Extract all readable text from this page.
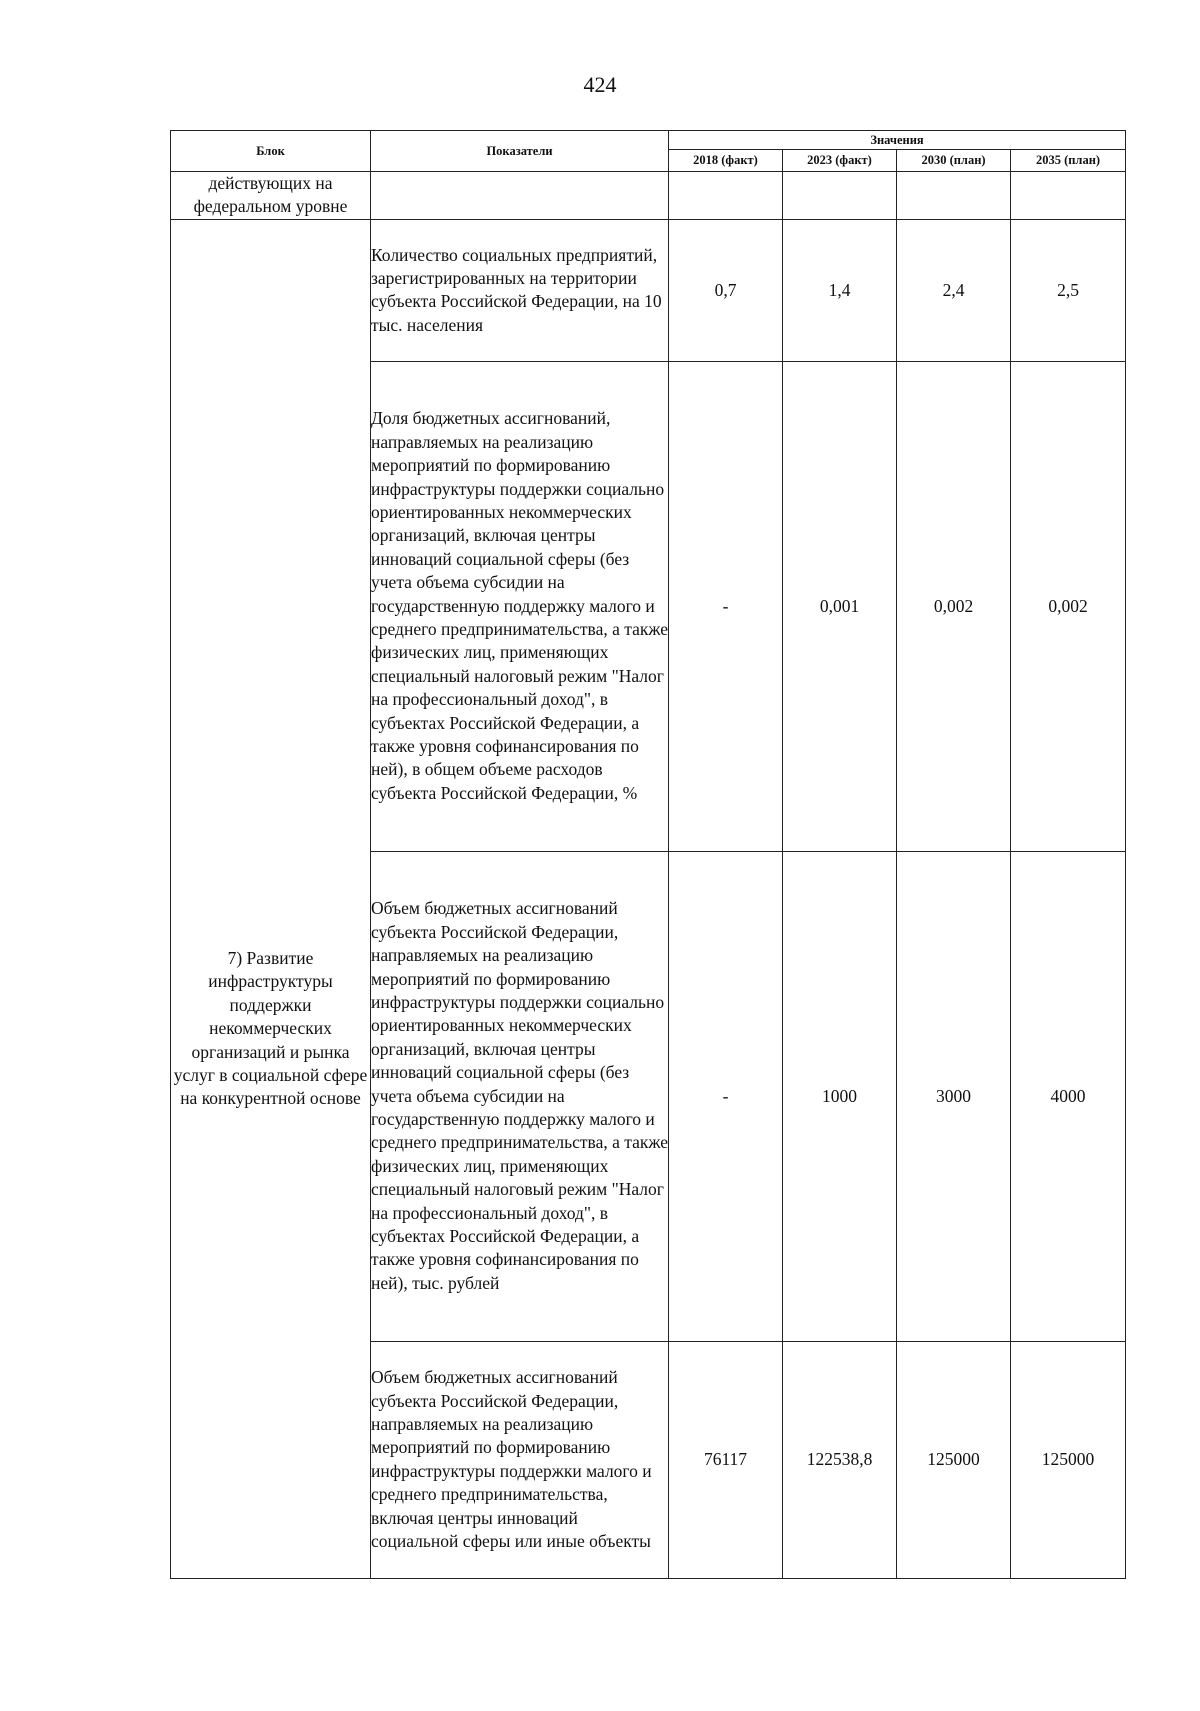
424
Блок	Показатели	Значения			
		2018 (факт)	2023 (факт)	2030 (план)	2035 (план)
действующих на федеральном уровне					
7) Развитие инфраструктуры поддержки некоммерческих организаций и рынка услуг в социальной сфере на конкурентной основе	Количество социальных предприятий, зарегистрированных на территории субъекта Российской Федерации, на 10 тыс. населения	0,7	1,4	2,4	2,5
	Доля бюджетных ассигнований, направляемых на реализацию мероприятий по формированию инфраструктуры поддержки социально ориентированных некоммерческих организаций, включая центры инноваций социальной сферы (без учета объема субсидии на государственную поддержку малого и среднего предпринимательства, а также физических лиц, применяющих специальный налоговый режим "Налог на профессиональный доход", в субъектах Российской Федерации, а также уровня софинансирования по ней), в общем объеме расходов субъекта Российской Федерации, %	-	0,001	0,002	0,002
	Объем бюджетных ассигнований субъекта Российской Федерации, направляемых на реализацию мероприятий по формированию инфраструктуры поддержки социально ориентированных некоммерческих организаций, включая центры инноваций социальной сферы (без учета объема субсидии на государственную поддержку малого и среднего предпринимательства, а также физических лиц, применяющих специальный налоговый режим "Налог на профессиональный доход", в субъектах Российской Федерации, а также уровня софинансирования по ней), тыс. рублей	-	1000	3000	4000
	Объем бюджетных ассигнований субъекта Российской Федерации, направляемых на реализацию мероприятий по формированию инфраструктуры поддержки малого и среднего предпринимательства, включая центры инноваций социальной сферы или иные объекты	76117	122538,8	125000	125000
